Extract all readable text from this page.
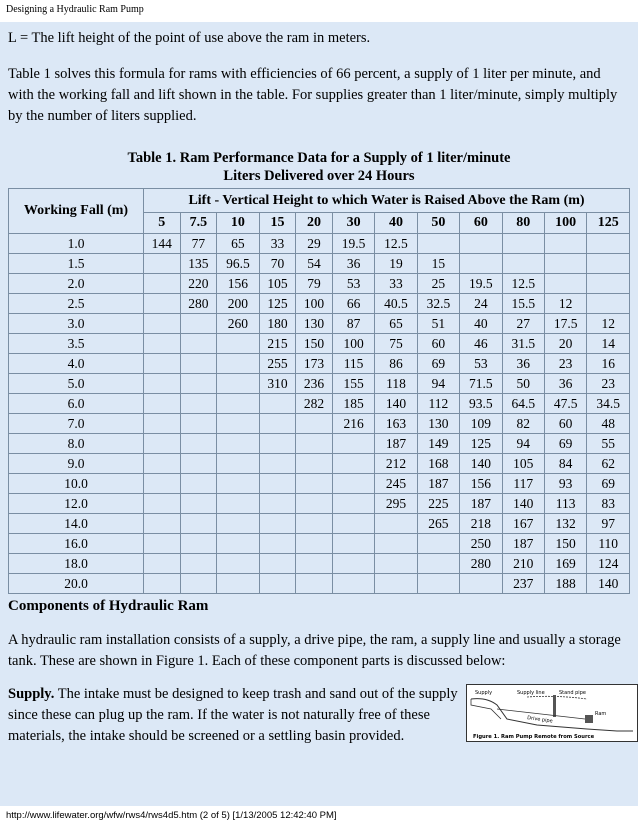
Designing a Hydraulic Ram Pump

L = The lift height of the point of use above the ram in meters.

Table 1 solves this formula for rams with efficiencies of 66 percent, a supply of 1 liter per minute, and with the working fall and lift shown in the table. For supplies greater than 1 liter/minute, simply multiply by the number of liters supplied.

Table 1. Ram Performance Data for a Supply of 1 liter/minute
Liters Delivered over 24 Hours
Working Fall (m)	Lift - Vertical Height to which Water is Raised Above the Ram (m)											
	5	7.5	10	15	20	30	40	50	60	80	100	125
1.0	144	77	65	33	29	19.5	12.5					
1.5		135	96.5	70	54	36	19	15				
2.0		220	156	105	79	53	33	25	19.5	12.5		
2.5		280	200	125	100	66	40.5	32.5	24	15.5	12	
3.0			260	180	130	87	65	51	40	27	17.5	12
3.5				215	150	100	75	60	46	31.5	20	14
4.0				255	173	115	86	69	53	36	23	16
5.0				310	236	155	118	94	71.5	50	36	23
6.0					282	185	140	112	93.5	64.5	47.5	34.5
7.0						216	163	130	109	82	60	48
8.0							187	149	125	94	69	55
9.0							212	168	140	105	84	62
10.0							245	187	156	117	93	69
12.0							295	225	187	140	113	83
14.0								265	218	167	132	97
16.0									250	187	150	110
18.0									280	210	169	124
20.0										237	188	140
Components of Hydraulic Ram

A hydraulic ram installation consists of a supply, a drive pipe, the ram, a supply line and usually a storage tank. These are shown in Figure 1. Each of these component parts is discussed below:

Supply. The intake must be designed to keep trash and sand out of the supply since these can plug up the ram. If the water is not naturally free of these materials, the intake should be screened or a settling basin provided.

Supply	Supply line	Stand pipe
Drive pipe
Ram
Figure 1. Ram Pump Remote from Source
http://www.lifewater.org/wfw/rws4/rws4d5.htm (2 of 5) [1/13/2005 12:42:40 PM]
